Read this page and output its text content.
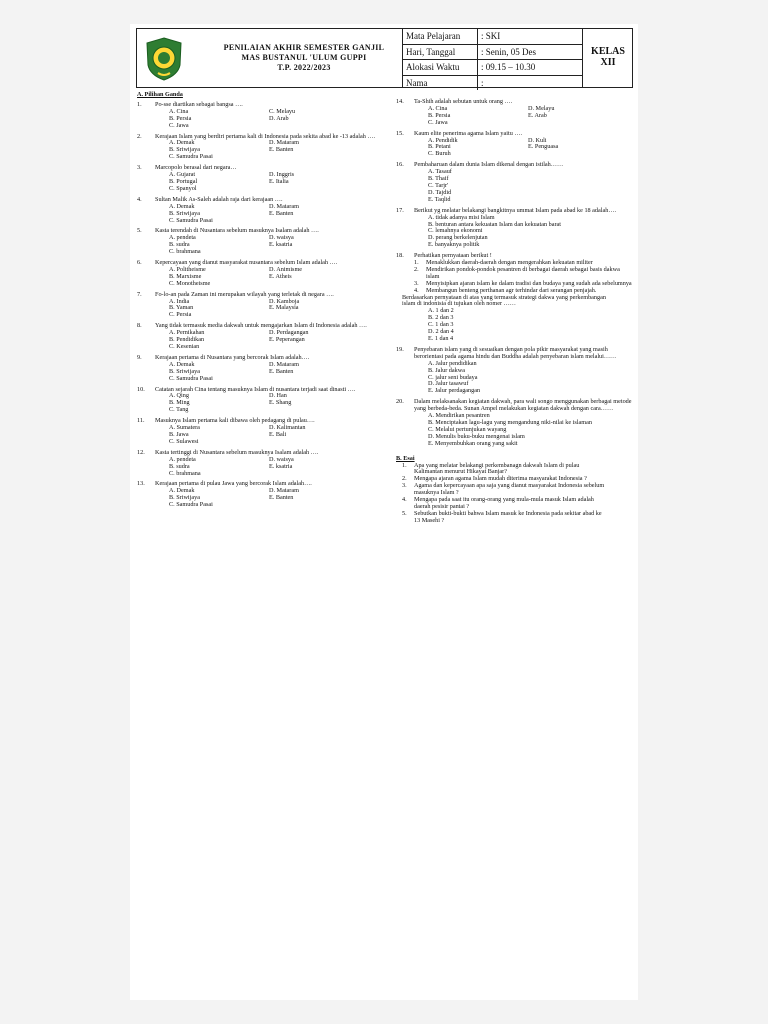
PENILAIAN AKHIR SEMESTER GANJIL
MAS BUSTANUL 'ULUM GUPPI
T.P. 2022/2023
Mata Pelajaran	: SKI
Hari, Tanggal	: Senin, 05 Des
Alokasi Waktu	: 09.15 – 10.30
Nama	:
KELAS
XII
A. Pilihan Ganda
1.	Po-sse diartikan sebagai bangsa ….
A. Cina	C. Melayu
B. Persia	D. Arab
C. Jawa
2.	Kerajaan Islam yang berdiri pertama kali di Indonesia pada sekita abad ke -13 adalah ….
A. Demak	D. Mataram
B. Sriwijaya	E. Banten
C. Samudra Pasai
3.	Marcopolo berasal dari negara…
A. Gujarat	D. Inggris
B. Portugal	E. Italia
C. Spanyol
4.	Sultan Malik As-Saleh adalah raja dari kerajaan ….
A. Demak	D. Mataram
B. Sriwijaya	E. Banten
C. Samudra Pasai
5.	Kasta terendah di Nusantara sebelum masuknya Isalam adalah ….
A. pendeta	D. waisya
B. sudra	E. ksatria
C. brahmana
6.	Kepercayaan yang dianut masyarakat nusantara sebelum Islam adalah ….
A. Politheisme	D. Animisme
B. Marxisme	E. Atheis
C. Monotheisme
7.	Fo-lo-an pada Zaman ini merupakan wilayah yang terletak di negara ….
A. India	D. Kamboja
B. Yaman	E. Malaysia
C. Persia
8.	Yang tidak termasuk media dakwah untuk mengajarkan Islam di Indonesia adalah ….
A. Pernikahan	D. Perdagangan
B. Pendidikan	E. Peperangan
C. Kesenian
9.	Kerajaan pertama di Nusantara yang bercorak Islam adalah….
A. Demak	D. Mataram
B. Sriwijaya	E. Banten
C. Samudra Pasai
10.	Catatan sejarah Cina tentang masuknya Islam di nusantara terjadi saat dinasti ….
A. Qing	D. Han
B. Ming	E. Shang
C. Tang
11.	Masuknya Islam pertama kali dibawa oleh pedagang di pulau….
A. Sumatera	D. Kalimantan
B. Jawa	E. Bali
C. Sulawesi
12.	Kasta tertinggi di Nusantara sebelum masuknya Isalam adalah ….
A. pendeta	D. waisya
B. sudra	E. ksatria
C. brahmana
13.	Kerajaan pertama di pulau Jawa yang bercorak Islam adalah….
A. Demak	D. Mataram
B. Sriwijaya	E. Banten
C. Samudra Pasai
14.	Ta-Shih adalah sebutan untuk orang ….
A. Cina	D. Melayu
B. Persia	E. Arab
C. Jawa
15.	Kaum elite penerima agama Islam yaitu ….
A. Pendidik	D. Kuli
B. Petani	E. Penguasa
C. Buruh
16.	Pembaharuan dalam dunia Islam dikenal dengan istilah……
A. Tasauf
B. Thaif
C. Tarjr'
D. Tajdid
E. Taqlid
17.	Berikut yg melatar belakangi bangkitnya ummat Islam pada abad ke 18 adalah….
A. tidak adanya misi Islam
B. benturan antara kekuatan Islam dan kekuatan barat
C. lemahnya ekonomi
D. perang berkelenjutan
E. banyaknya politik
18.	Perhatikan pernyataan berikut !
1.	Menaklukkan daerah-daerah dengan mengerahkan kekuatan militer
2.	Mendirikan pondok-pondok pesantren di berbagai daerah sebagai basis dakwa islam
3.	Menyisipkan ajaran islam ke dalam tradisi dan budaya yang sudah ada sebelumnya
4.	Membangun benteng perthanan agr terhindar dari serangan penjajah.
Berdasarkan pernyataan di atas yang termasuk strategi dakwa yang perkembangan islam di indonisia di tujukan oleh nomer ……
A. 1 dan 2
B. 2 dan 3
C. 1 dan 3
D. 2 dan 4
E. 1 dan 4
19.	Penyebaran islam yang di sesuaikan dengan pola pikir masyarakat yang masih berorientasi pada agama hindu dan Buddha adalah penyebaran islam melalui……
A. Jalur pendidikan
B. Jalur dakwa
C. jalur seni budaya
D. Jalur tasawuf
E. Jalur perdagangan
20.	Dalam melaksanakan kegiatan dakwah, para wali songo menggunakan berbagai metode yang berbeda-beda. Sunan Ampel melakukan kegiatan dakwah dengan cara……
A. Mendirikan pesantren
B. Menciptakan lagu-lagu yang mengandung niki-nilai ke islaman
C. Melalui pertunjukan wayang
D. Menulis buku-buku mengenai islam
E. Menyembuhkan orang yang sakit
B. Esai
1.	Apa yang melatar belakangi perkembanagn dakwah Islam di pulau Kalimantan menurut Hikayat Banjar?
2.	Mengapa ajaran agama Islam mudah diterima masyarakat Indonesia ?
3.	Agama dan kepercayaan apa saja yang dianut masyarakat Indonesia sebelum masuknya Islam ?
4.	Mengapa pada saat itu orang-orang yang mula-mula masuk Islam adalah daerah pesisir pantai ?
5.	Sebutkan bukti-bukti bahwa Islam masuk ke Indonesia pada sekitar abad ke 13 Masehi ?
